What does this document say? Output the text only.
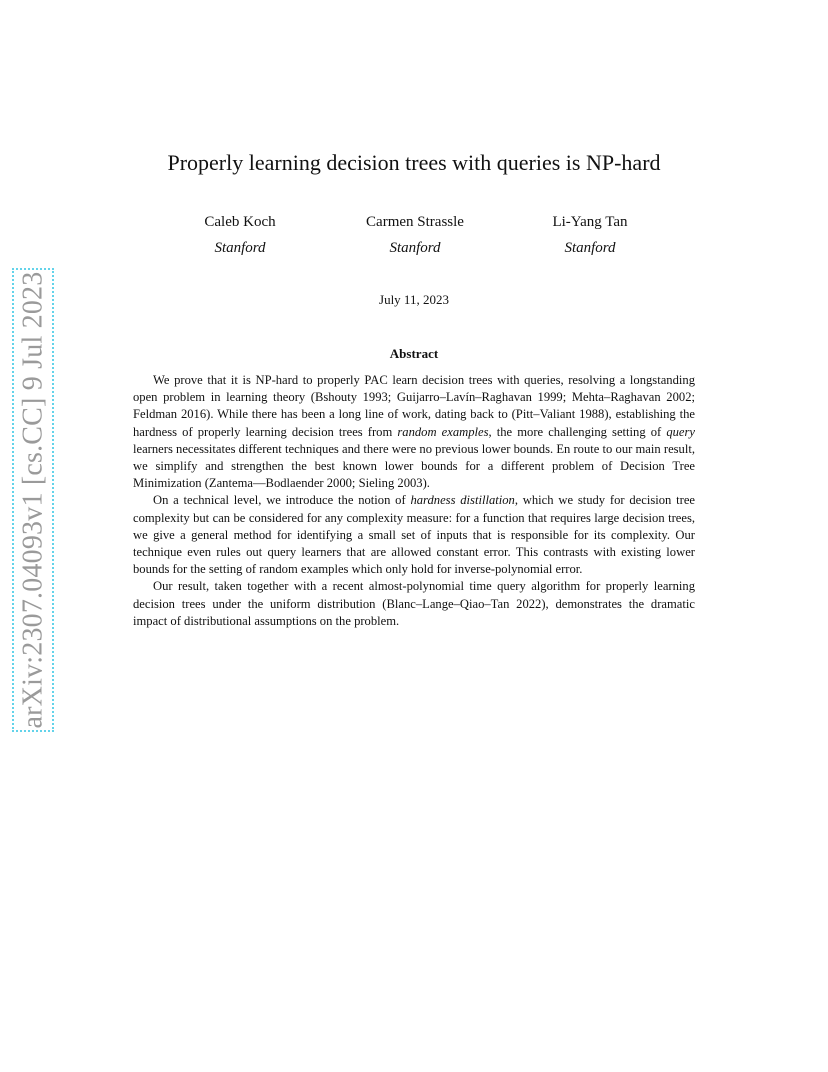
arXiv:2307.04093v1 [cs.CC] 9 Jul 2023
Properly learning decision trees with queries is NP-hard
Caleb Koch
Stanford
Carmen Strassle
Stanford
Li-Yang Tan
Stanford
July 11, 2023
Abstract

We prove that it is NP-hard to properly PAC learn decision trees with queries, resolving a longstanding open problem in learning theory (Bshouty 1993; Guijarro–Lavín–Raghavan 1999; Mehta–Raghavan 2002; Feldman 2016). While there has been a long line of work, dating back to (Pitt–Valiant 1988), establishing the hardness of properly learning decision trees from random examples, the more challenging setting of query learners necessitates different techniques and there were no previous lower bounds. En route to our main result, we simplify and strengthen the best known lower bounds for a different problem of Decision Tree Minimization (Zantema—Bodlaender 2000; Sieling 2003).

On a technical level, we introduce the notion of hardness distillation, which we study for decision tree complexity but can be considered for any complexity measure: for a function that requires large decision trees, we give a general method for identifying a small set of inputs that is responsible for its complexity. Our technique even rules out query learners that are allowed constant error. This contrasts with existing lower bounds for the setting of random examples which only hold for inverse-polynomial error.

Our result, taken together with a recent almost-polynomial time query algorithm for properly learning decision trees under the uniform distribution (Blanc–Lange–Qiao–Tan 2022), demonstrates the dramatic impact of distributional assumptions on the problem.
